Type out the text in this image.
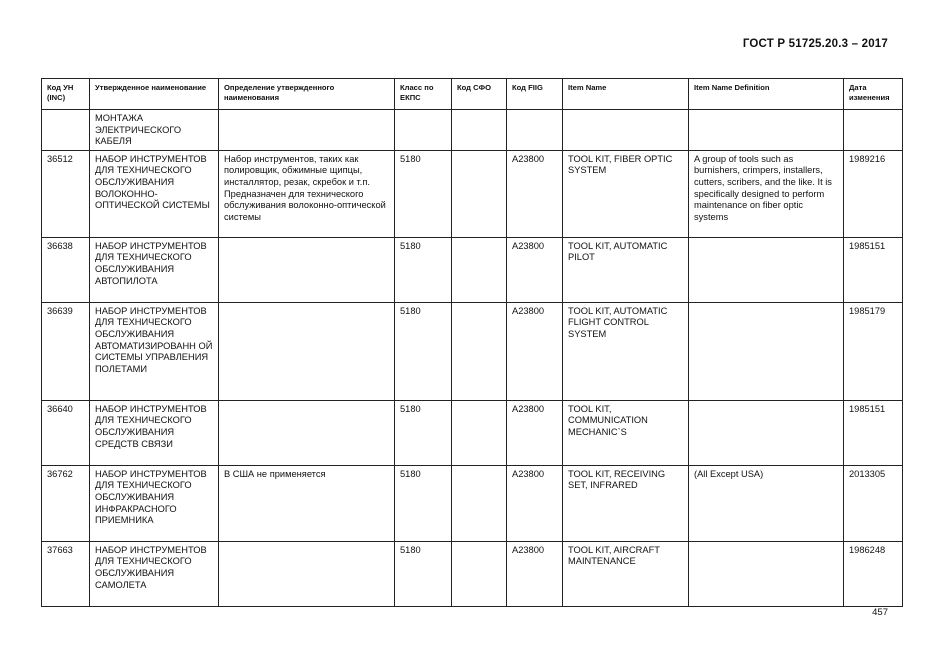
ГОСТ Р 51725.20.3 – 2017
Код УН (INC)	Утвержденное наименование	Определение утвержденного наименования	Класс по ЕКПС	Код СФО	Код FIIG	Item Name	Item Name Definition	Дата изменения
	МОНТАЖА ЭЛЕКТРИЧЕСКОГО КАБЕЛЯ							
36512	НАБОР ИНСТРУМЕНТОВ ДЛЯ ТЕХНИЧЕСКОГО ОБСЛУЖИВАНИЯ ВОЛОКОННО-ОПТИЧЕСКОЙ СИСТЕМЫ	Набор инструментов, таких как полировщик, обжимные щипцы, инсталлятор, резак, скребок и т.п. Предназначен для технического обслуживания волоконно-оптической системы	5180		A23800	TOOL KIT, FIBER OPTIC SYSTEM	A group of tools such as burnishers, crimpers, installers, cutters, scribers, and the like. It is specifically designed to perform maintenance on fiber optic systems	1989216
36638	НАБОР ИНСТРУМЕНТОВ ДЛЯ ТЕХНИЧЕСКОГО ОБСЛУЖИВАНИЯ АВТОПИЛОТА		5180		A23800	TOOL KIT, AUTOMATIC PILOT		1985151
36639	НАБОР ИНСТРУМЕНТОВ ДЛЯ ТЕХНИЧЕСКОГО ОБСЛУЖИВАНИЯ АВТОМАТИЗИРОВАНН ОЙ СИСТЕМЫ УПРАВЛЕНИЯ ПОЛЕТАМИ		5180		A23800	TOOL KIT, AUTOMATIC FLIGHT CONTROL SYSTEM		1985179
36640	НАБОР ИНСТРУМЕНТОВ ДЛЯ ТЕХНИЧЕСКОГО ОБСЛУЖИВАНИЯ СРЕДСТВ СВЯЗИ		5180		A23800	TOOL KIT, COMMUNICATION MECHANIC`S		1985151
36762	НАБОР ИНСТРУМЕНТОВ ДЛЯ ТЕХНИЧЕСКОГО ОБСЛУЖИВАНИЯ ИНФРАКРАСНОГО ПРИЕМНИКА	В США не применяется	5180		A23800	TOOL KIT, RECEIVING SET, INFRARED	(All Except USA)	2013305
37663	НАБОР ИНСТРУМЕНТОВ ДЛЯ ТЕХНИЧЕСКОГО ОБСЛУЖИВАНИЯ САМОЛЕТА		5180		A23800	TOOL KIT, AIRCRAFT MAINTENANCE		1986248
457
